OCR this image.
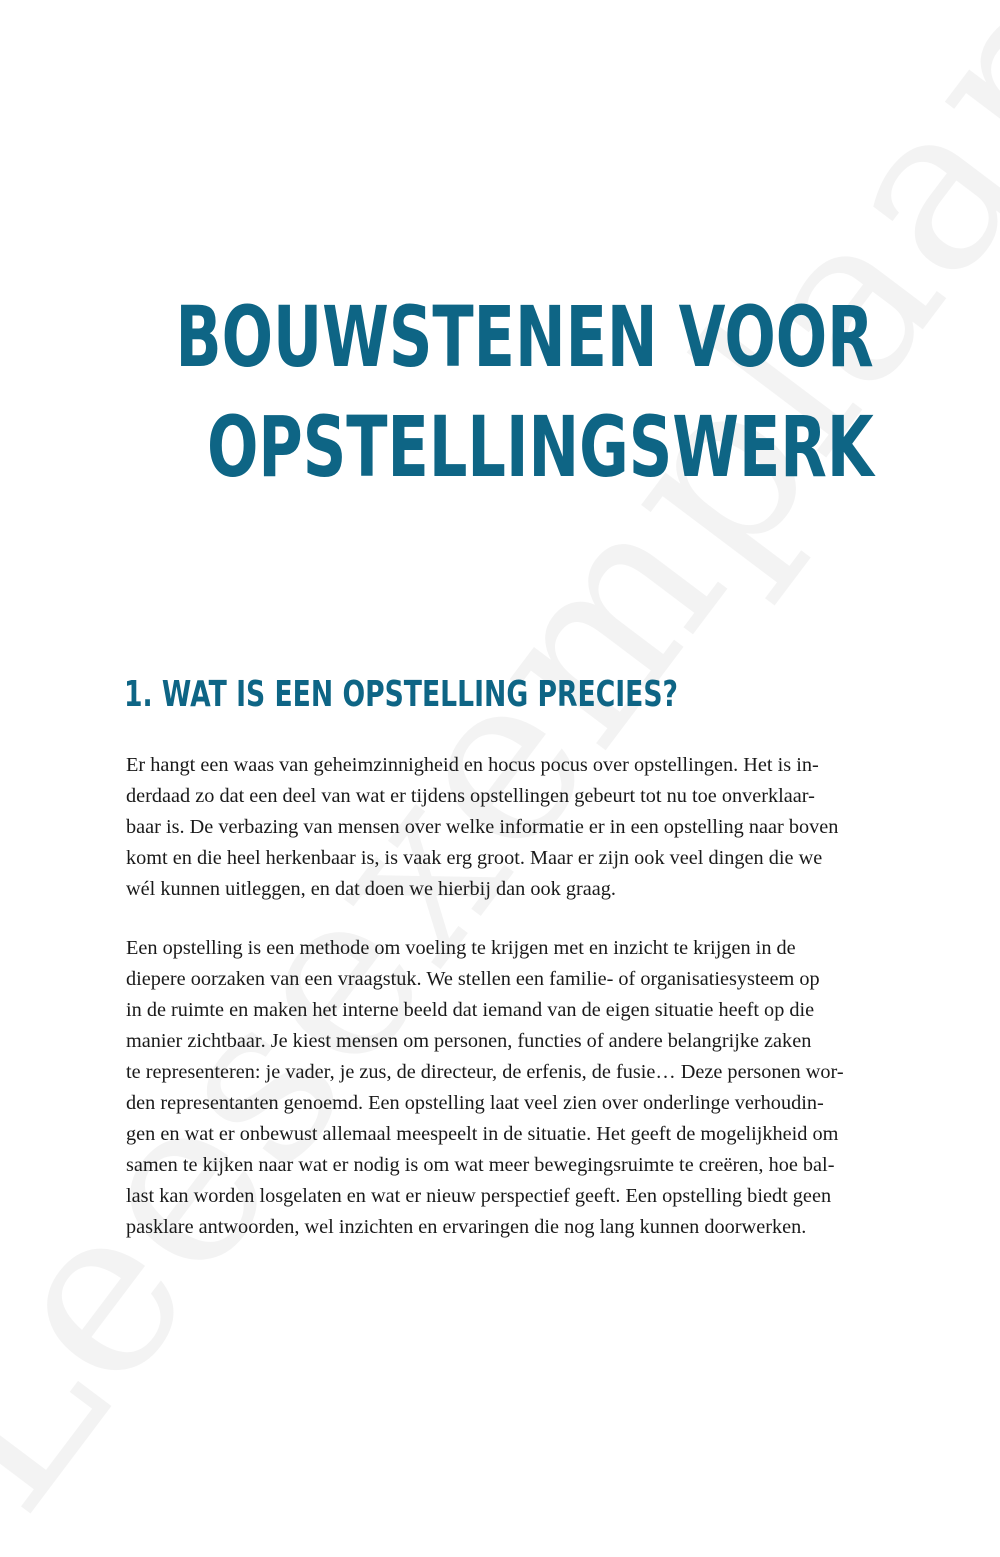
BOUWSTENEN VOOR
OPSTELLINGSWERK
1. WAT IS EEN OPSTELLING PRECIES?

Er hangt een waas van geheimzinnigheid en hocus pocus over opstellingen. Het is in-
derdaad zo dat een deel van wat er tijdens opstellingen gebeurt tot nu toe onverklaar-
baar is. De verbazing van mensen over welke informatie er in een opstelling naar boven
komt en die heel herkenbaar is, is vaak erg groot. Maar er zijn ook veel dingen die we
wél kunnen uitleggen, en dat doen we hierbij dan ook graag.

Een opstelling is een methode om voeling te krijgen met en inzicht te krijgen in de
diepere oorzaken van een vraagstuk. We stellen een familie- of organisatiesysteem op
in de ruimte en maken het interne beeld dat iemand van de eigen situatie heeft op die
manier zichtbaar. Je kiest mensen om personen, functies of andere belangrijke zaken
te representeren: je vader, je zus, de directeur, de erfenis, de fusie… Deze personen wor-
den representanten genoemd. Een opstelling laat veel zien over onderlinge verhoudin-
gen en wat er onbewust allemaal meespeelt in de situatie. Het geeft de mogelijkheid om
samen te kijken naar wat er nodig is om wat meer bewegingsruimte te creëren, hoe bal-
last kan worden losgelaten en wat er nieuw perspectief geeft. Een opstelling biedt geen
pasklare antwoorden, wel inzichten en ervaringen die nog lang kunnen doorwerken.
